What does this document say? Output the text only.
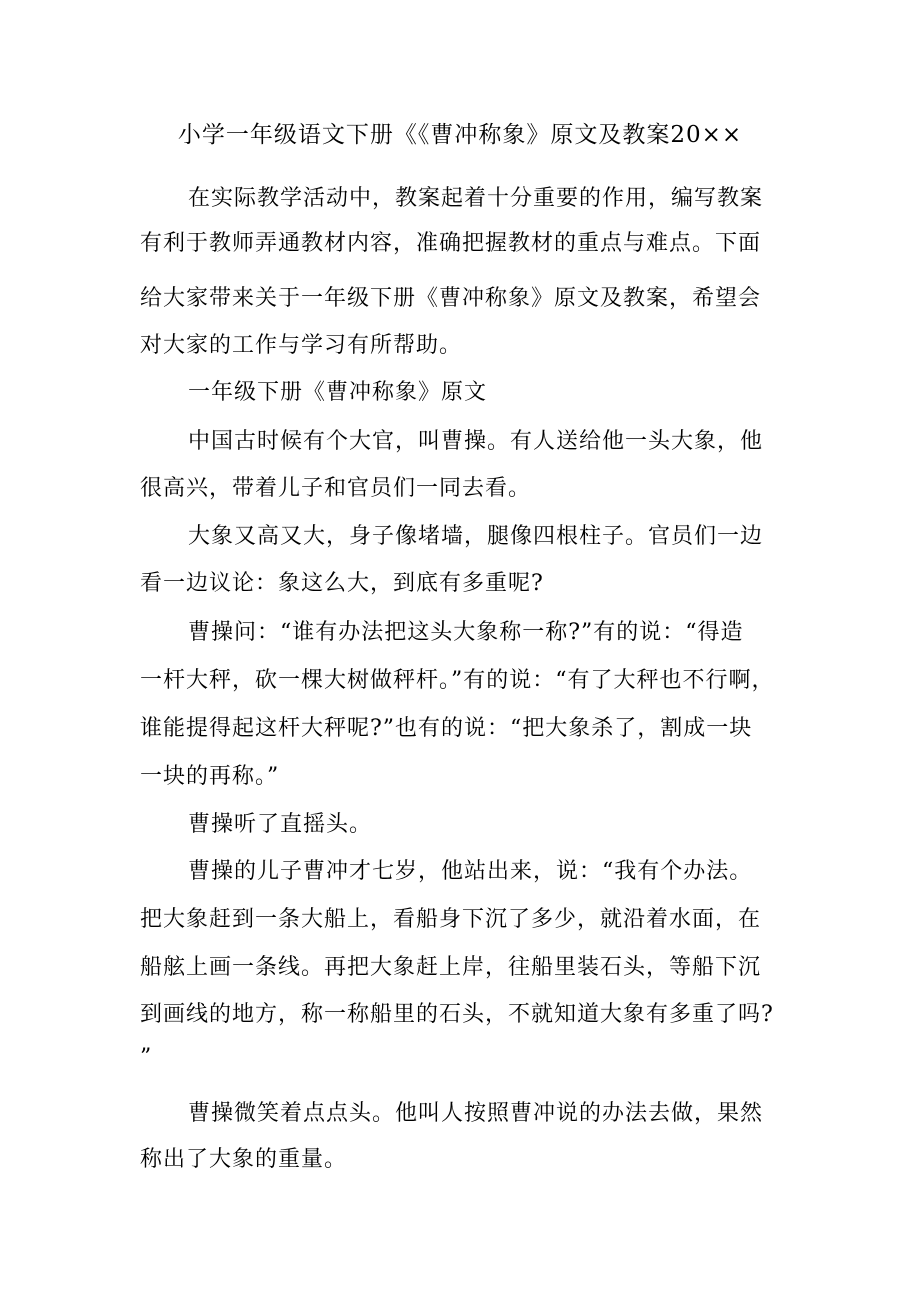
小学一年级语文下册《《曹冲称象》原文及教案20××
在实际教学活动中，教案起着十分重要的作用，编写教案
有利于教师弄通教材内容，准确把握教材的重点与难点。下面
给大家带来关于一年级下册《曹冲称象》原文及教案，希望会
对大家的工作与学习有所帮助。
一年级下册《曹冲称象》原文
中国古时候有个大官，叫曹操。有人送给他一头大象，他
很高兴，带着儿子和官员们一同去看。
大象又高又大，身子像堵墙，腿像四根柱子。官员们一边
看一边议论：象这么大，到底有多重呢?
曹操问：“谁有办法把这头大象称一称?”有的说：“得造
一杆大秤，砍一棵大树做秤杆。”有的说：“有了大秤也不行啊，
谁能提得起这杆大秤呢?”也有的说：“把大象杀了，割成一块
一块的再称。”
曹操听了直摇头。
曹操的儿子曹冲才七岁，他站出来，说：“我有个办法。
把大象赶到一条大船上，看船身下沉了多少，就沿着水面，在
船舷上画一条线。再把大象赶上岸，往船里装石头，等船下沉
到画线的地方，称一称船里的石头，不就知道大象有多重了吗?
”
曹操微笑着点点头。他叫人按照曹冲说的办法去做，果然
称出了大象的重量。
